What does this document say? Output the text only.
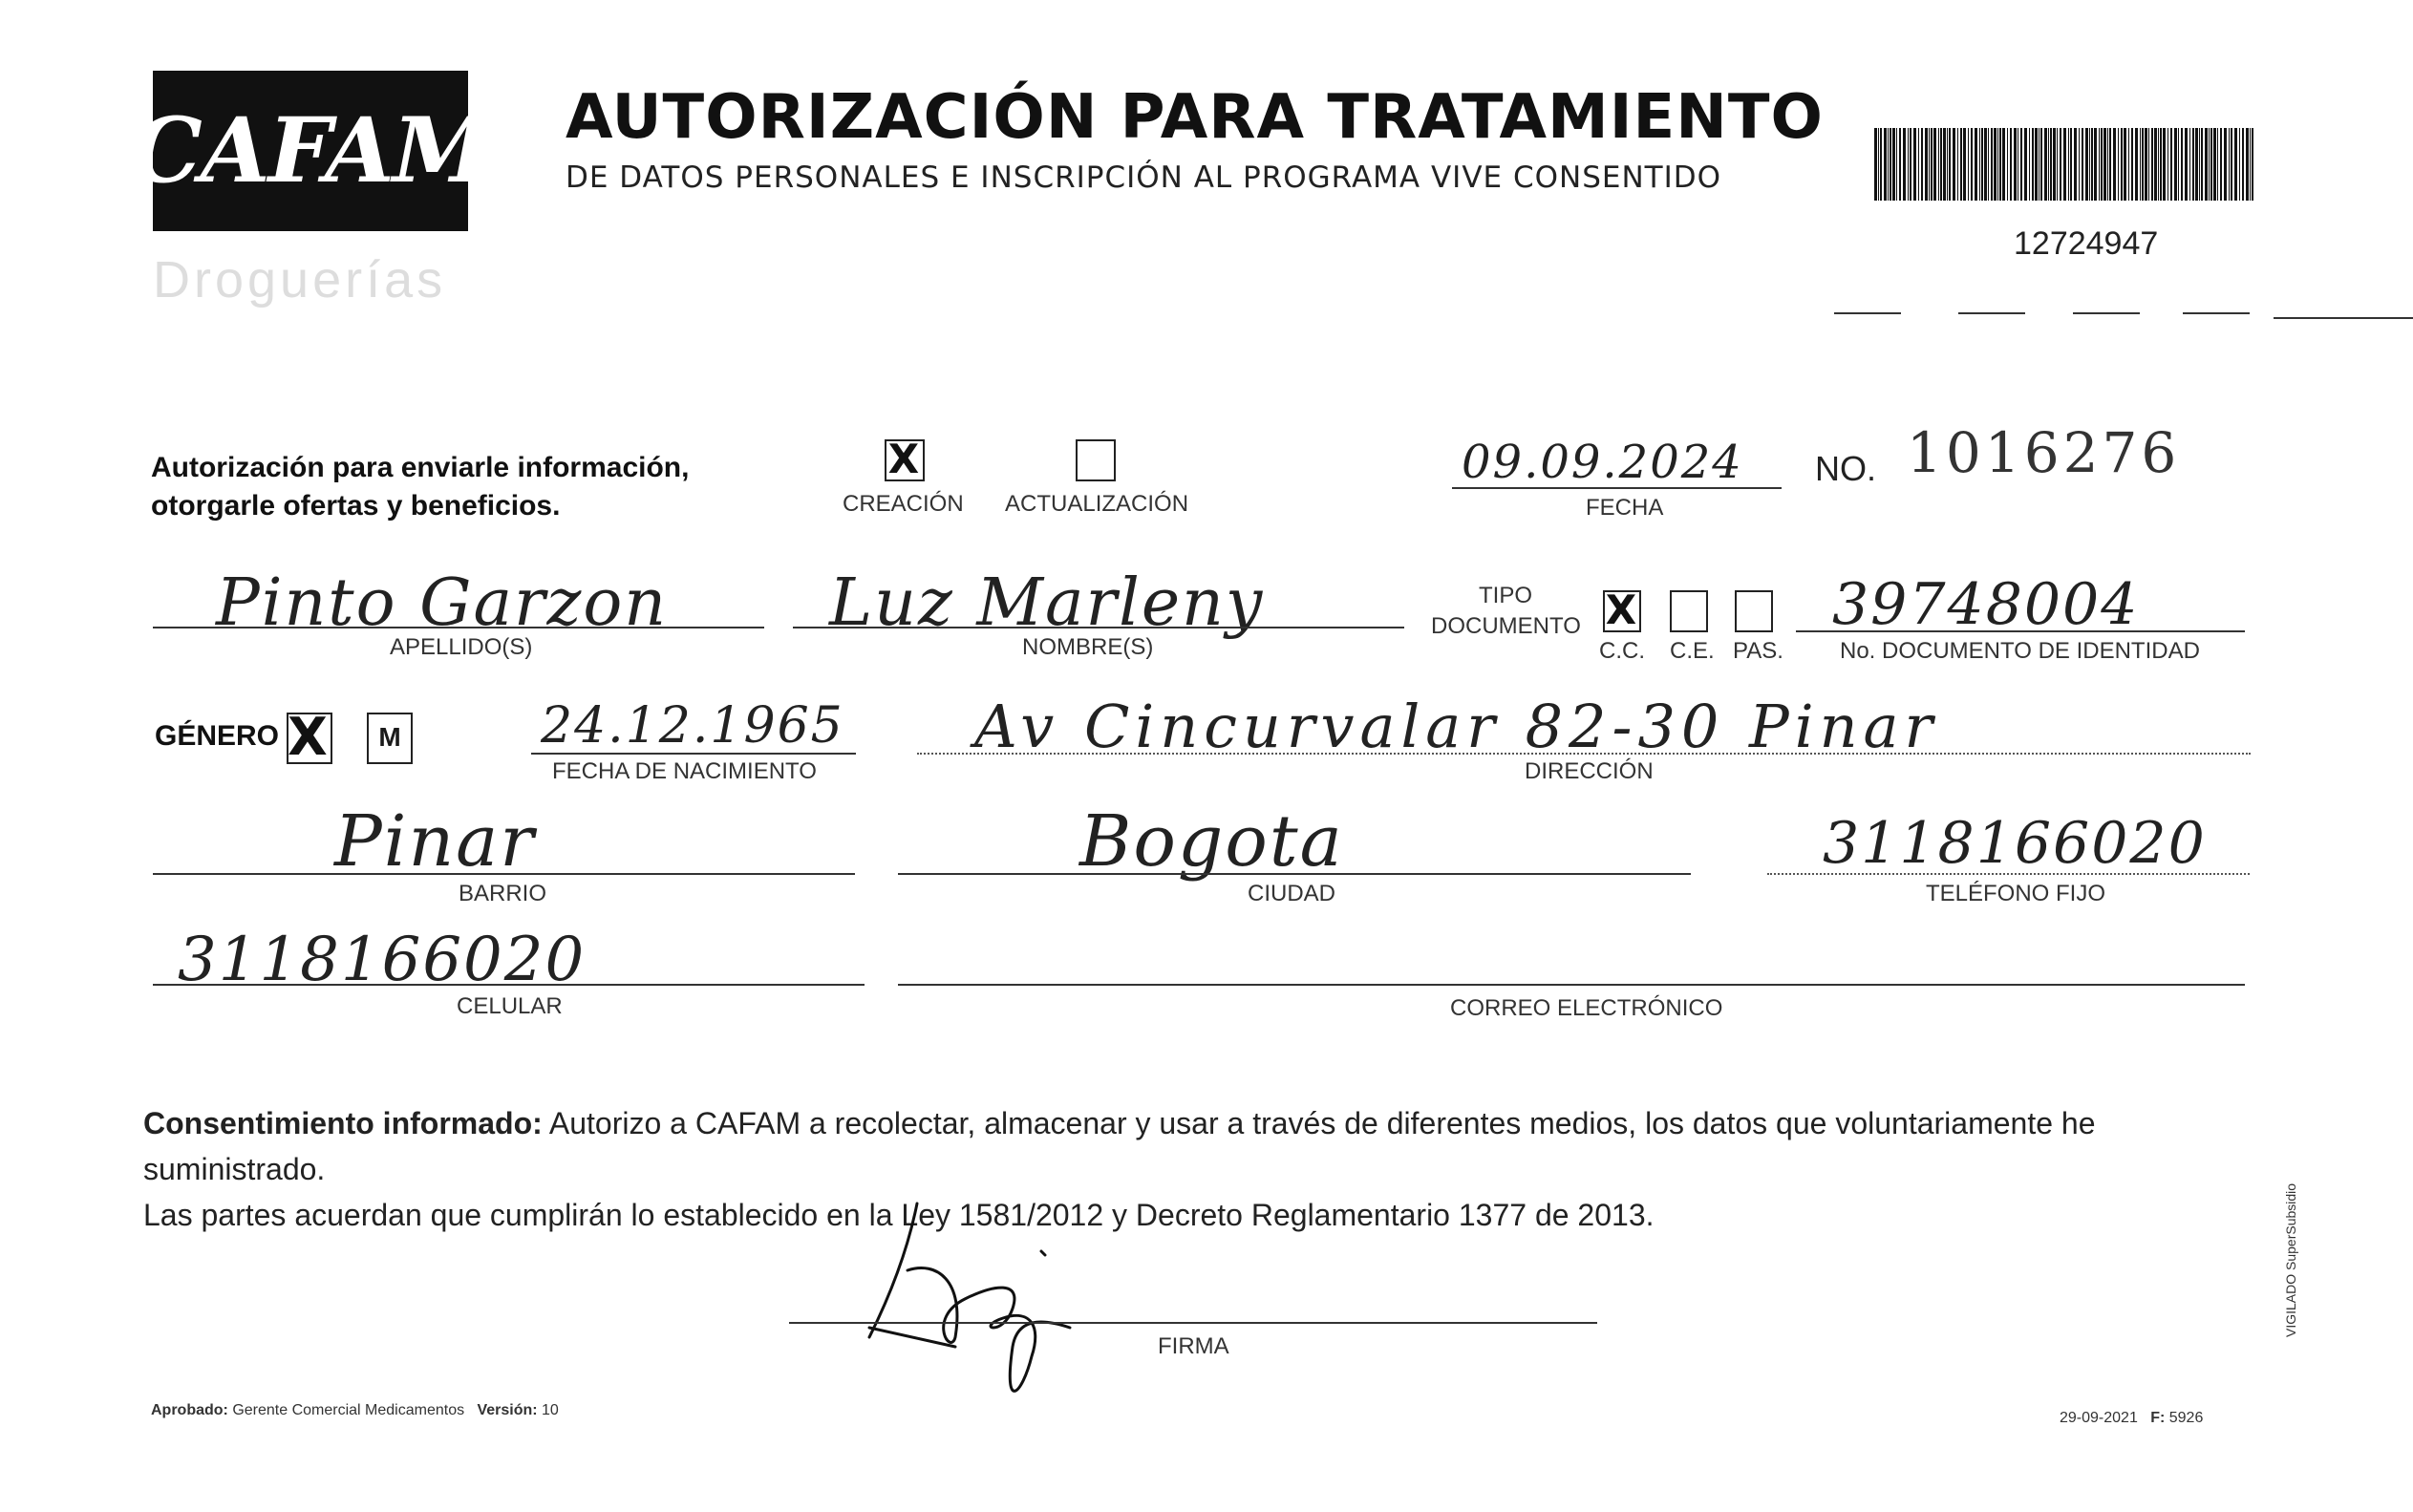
CAFAM
Droguerías
AUTORIZACIÓN PARA TRATAMIENTO
DE DATOS PERSONALES E INSCRIPCIÓN AL PROGRAMA VIVE CONSENTIDO
12724947
Autorización para enviarle información,
otorgarle ofertas y beneficios.
X
CREACIÓN ACTUALIZACIÓN
09.09.2024
FECHA
NO. 1016276
Pinto Garzon
APELLIDO(S)
Luz Marleny
NOMBRE(S)
TIPO
DOCUMENTO X
C.C. C.E. PAS.
39748004
No. DOCUMENTO DE IDENTIDAD
GÉNERO X	M	24.12.1965
FECHA DE NACIMIENTO
Av Cincurvalar 82-30 Pinar
DIRECCIÓN
Pinar
BARRIO
Bogota
CIUDAD
3118166020
TELÉFONO FIJO
3118166020
CELULAR	CORREO ELECTRÓNICO
Consentimiento informado: Autorizo a CAFAM a recolectar, almacenar y usar a través de diferentes medios, los datos que voluntariamente he suministrado.
Las partes acuerdan que cumplirán lo establecido en la Ley 1581/2012 y Decreto Reglamentario 1377 de 2013.
FIRMA
Aprobado: Gerente Comercial Medicamentos Versión: 10	29-09-2021 F: 5926
VIGILADO SuperSubsidio
